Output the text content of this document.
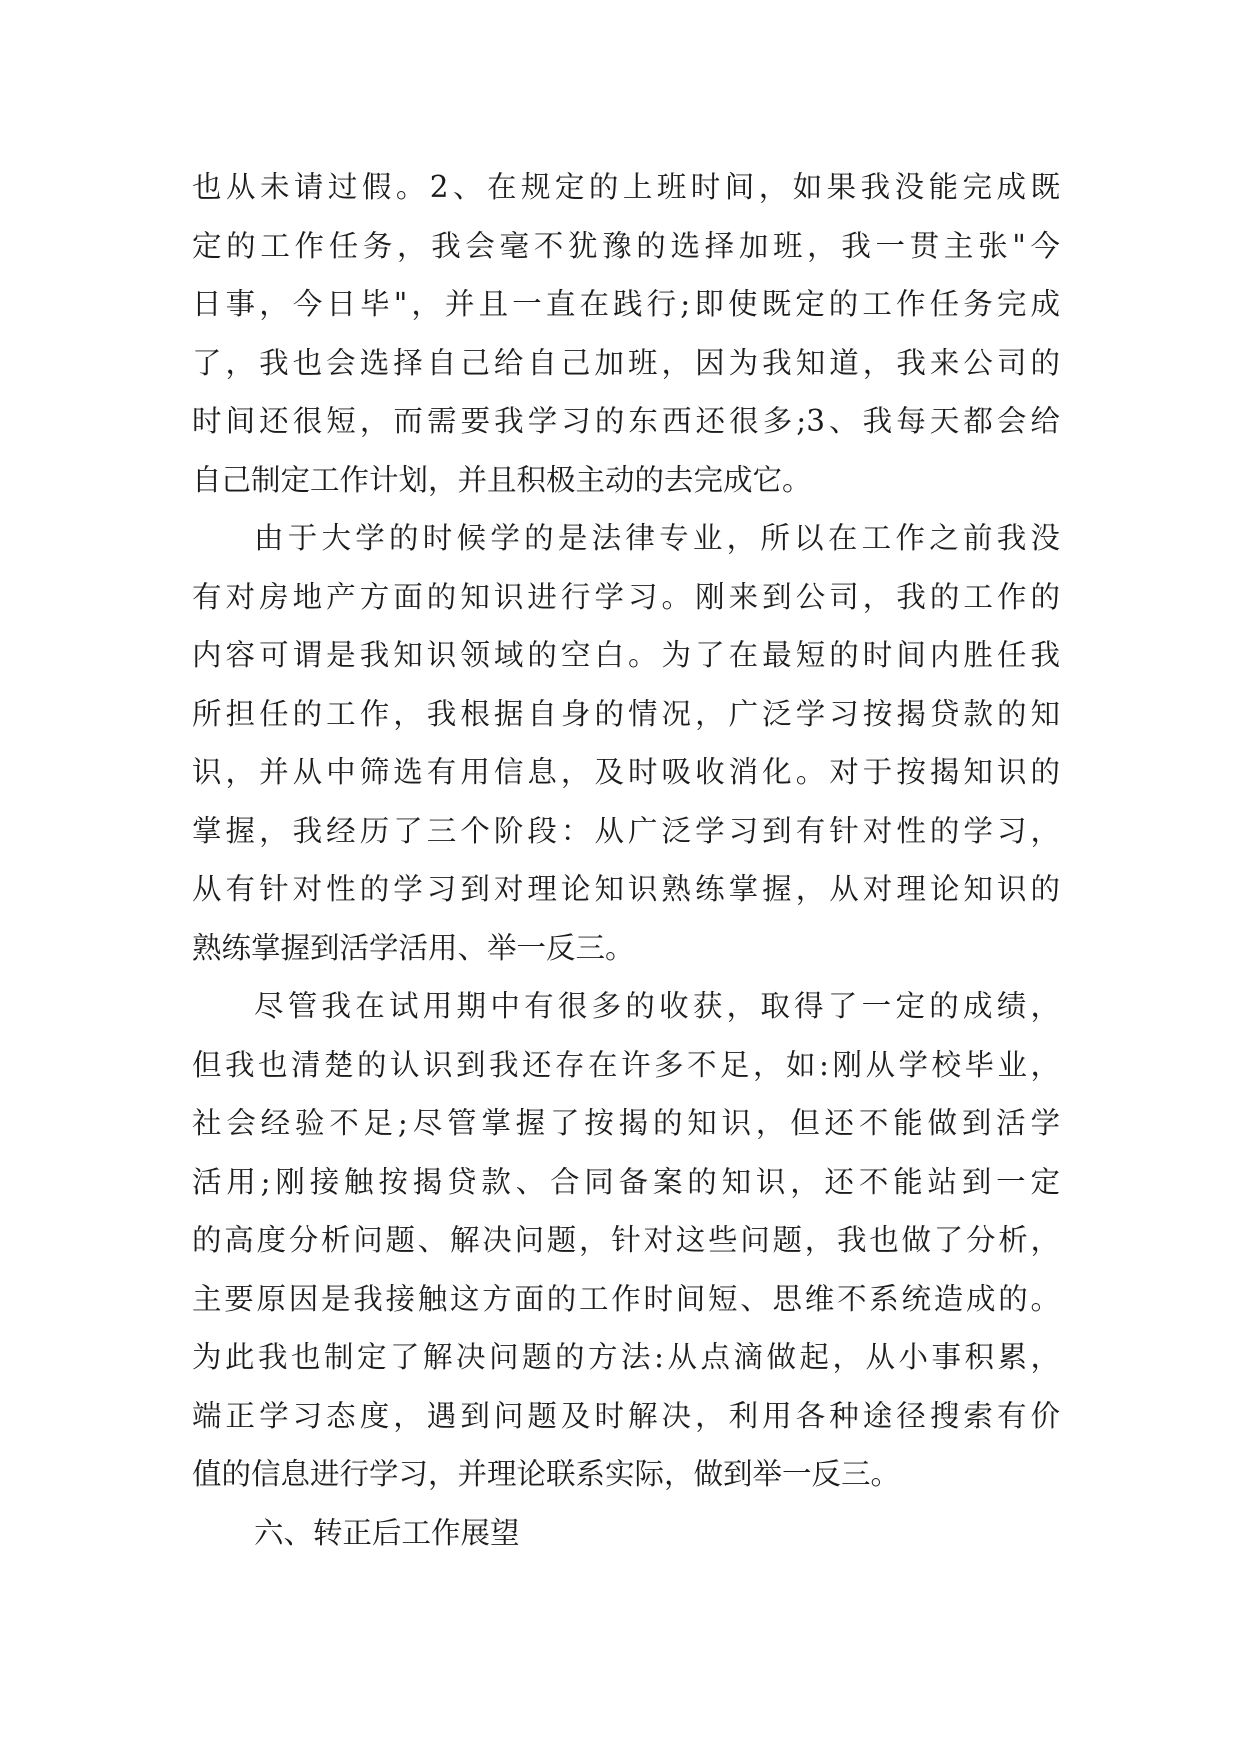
也从未请过假。2、在规定的上班时间，如果我没能完成既
定的工作任务，我会毫不犹豫的选择加班，我一贯主张"今
日事，今日毕"，并且一直在践行;即使既定的工作任务完成
了，我也会选择自己给自己加班，因为我知道，我来公司的
时间还很短，而需要我学习的东西还很多;3、我每天都会给
自己制定工作计划，并且积极主动的去完成它。
由于大学的时候学的是法律专业，所以在工作之前我没
有对房地产方面的知识进行学习。刚来到公司，我的工作的
内容可谓是我知识领域的空白。为了在最短的时间内胜任我
所担任的工作，我根据自身的情况，广泛学习按揭贷款的知
识，并从中筛选有用信息，及时吸收消化。对于按揭知识的
掌握，我经历了三个阶段：从广泛学习到有针对性的学习，
从有针对性的学习到对理论知识熟练掌握，从对理论知识的
熟练掌握到活学活用、举一反三。
尽管我在试用期中有很多的收获，取得了一定的成绩，
但我也清楚的认识到我还存在许多不足，如:刚从学校毕业，
社会经验不足;尽管掌握了按揭的知识，但还不能做到活学
活用;刚接触按揭贷款、合同备案的知识，还不能站到一定
的高度分析问题、解决问题，针对这些问题，我也做了分析，
主要原因是我接触这方面的工作时间短、思维不系统造成的。
为此我也制定了解决问题的方法:从点滴做起，从小事积累，
端正学习态度，遇到问题及时解决，利用各种途径搜索有价
值的信息进行学习，并理论联系实际，做到举一反三。
六、转正后工作展望
